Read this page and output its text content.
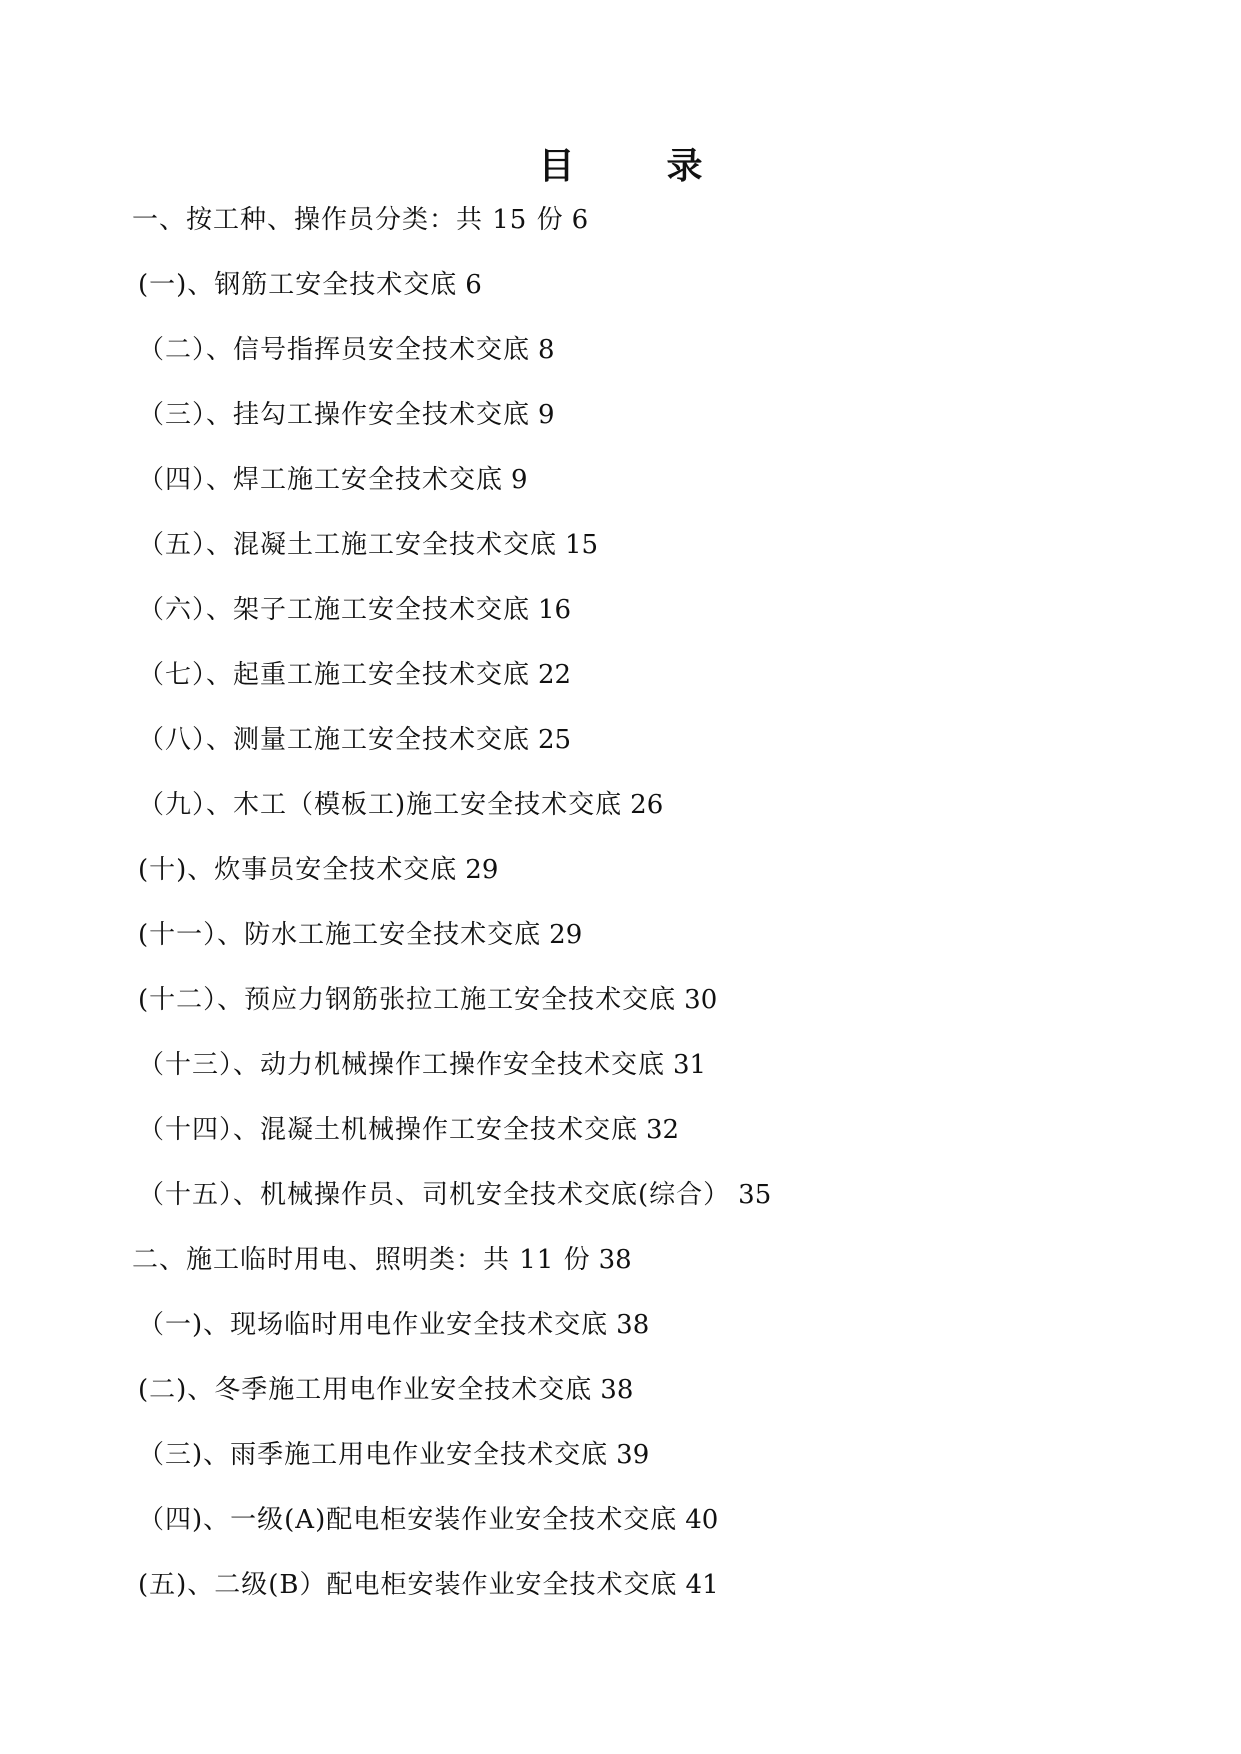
目　录
一、按工种、操作员分类：共 15 份 6
(一)、钢筋工安全技术交底 6
（二）、信号指挥员安全技术交底 8
（三）、挂勾工操作安全技术交底 9
（四）、焊工施工安全技术交底 9
（五）、混凝土工施工安全技术交底 15
（六）、架子工施工安全技术交底 16
（七）、起重工施工安全技术交底 22
（八）、测量工施工安全技术交底 25
（九）、木工（模板工)施工安全技术交底 26
(十)、炊事员安全技术交底 29
(十一）、防水工施工安全技术交底 29
(十二）、预应力钢筋张拉工施工安全技术交底 30
（十三）、动力机械操作工操作安全技术交底 31
（十四）、混凝土机械操作工安全技术交底 32
（十五）、机械操作员、司机安全技术交底(综合） 35
二、施工临时用电、照明类：共 11 份 38
（一)、现场临时用电作业安全技术交底 38
(二)、冬季施工用电作业安全技术交底 38
（三)、雨季施工用电作业安全技术交底 39
（四)、一级(A)配电柜安装作业安全技术交底 40
(五)、二级(B）配电柜安装作业安全技术交底 41
